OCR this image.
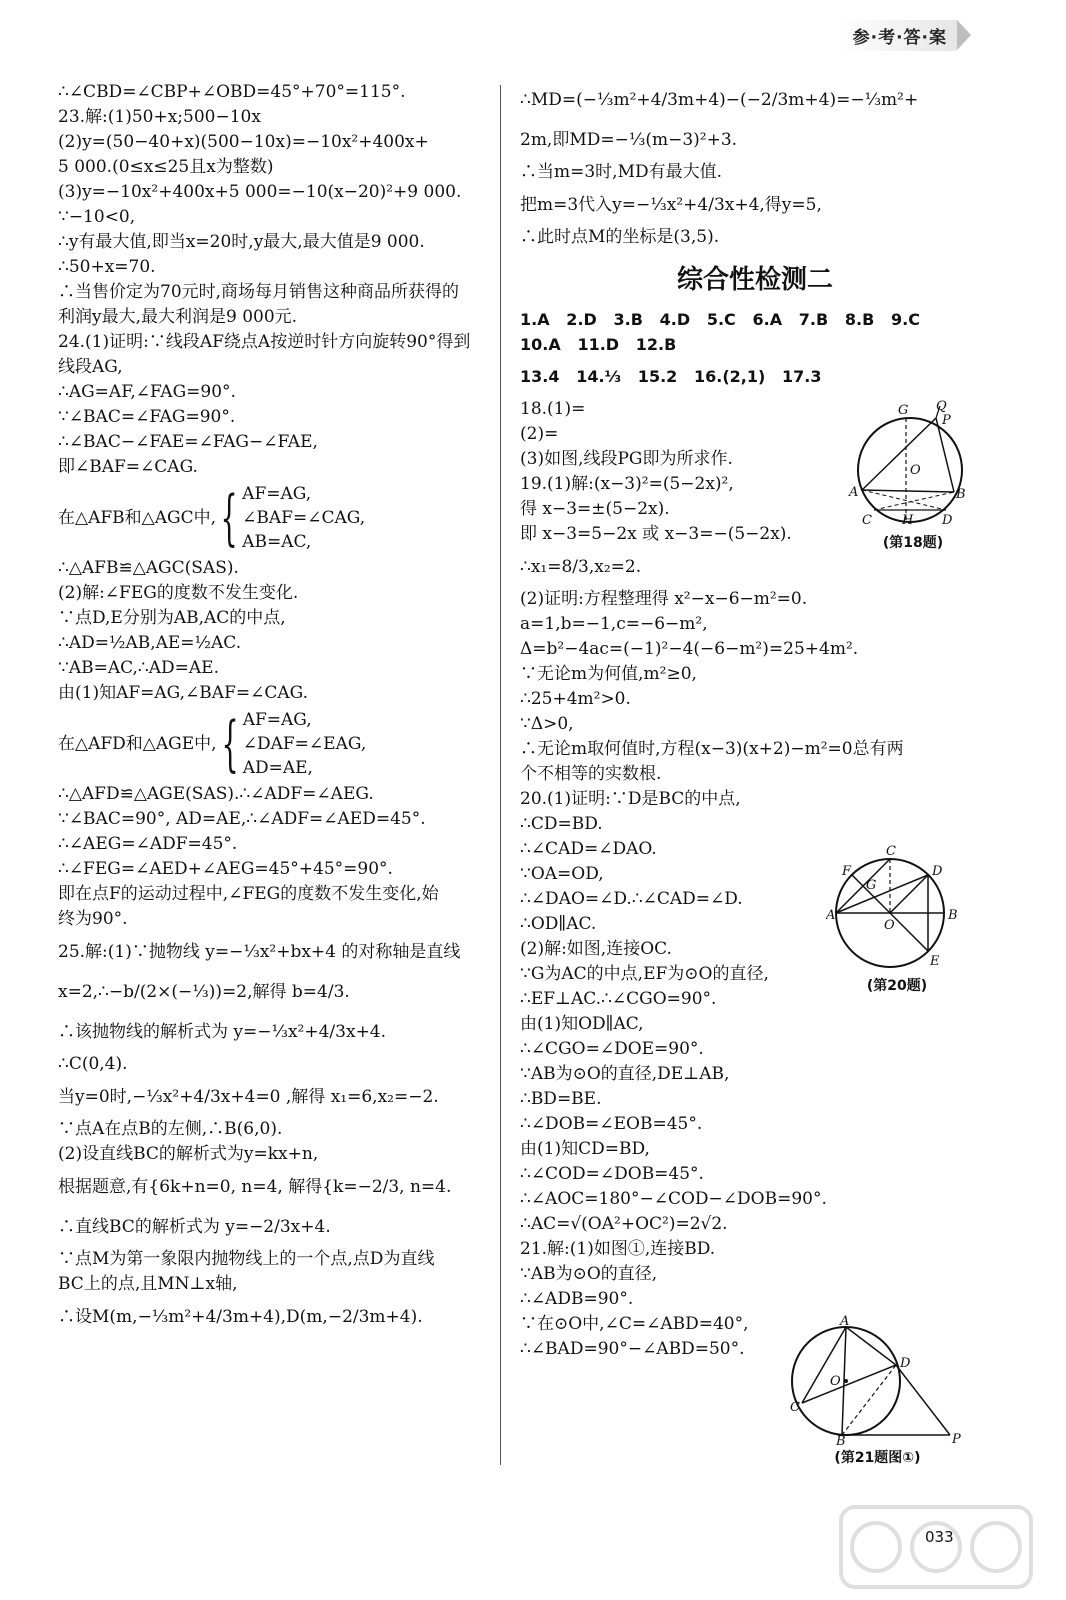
参·考·答·案
∴∠CBD=∠CBP+∠OBD=45°+70°=115°.
23.解:(1)50+x;500−10x
(2)y=(50−40+x)(500−10x)=−10x²+400x+
5 000.(0≤x≤25且x为整数)
(3)y=−10x²+400x+5 000=−10(x−20)²+9 000.
∵−10<0,
∴y有最大值,即当x=20时,y最大,最大值是9 000.
∴50+x=70.
∴当售价定为70元时,商场每月销售这种商品所获得的
利润y最大,最大利润是9 000元.
24.(1)证明:∵线段AF绕点A按逆时针方向旋转90°得到
线段AG,
∴AG=AF,∠FAG=90°.
∵∠BAC=∠FAG=90°.
∴∠BAC−∠FAE=∠FAG−∠FAE,
即∠BAF=∠CAG.
在△AFB和△AGC中, { AF=AG,
∠BAF=∠CAG,
AB=AC,
∴△AFB≌△AGC(SAS).
(2)解:∠FEG的度数不发生变化.
∵点D,E分别为AB,AC的中点,
∴AD=½AB,AE=½AC.
∵AB=AC,∴AD=AE.
由(1)知AF=AG,∠BAF=∠CAG.
在△AFD和△AGE中, { AF=AG,
∠DAF=∠EAG,
AD=AE,
∴△AFD≌△AGE(SAS).∴∠ADF=∠AEG.
∵∠BAC=90°, AD=AE,∴∠ADF=∠AED=45°.
∴∠AEG=∠ADF=45°.
∴∠FEG=∠AED+∠AEG=45°+45°=90°.
即在点F的运动过程中,∠FEG的度数不发生变化,始
终为90°.
25.解:(1)∵抛物线 y=−⅓x²+bx+4 的对称轴是直线
x=2,∴−b/(2×(−⅓))=2,解得 b=4/3.
∴该抛物线的解析式为 y=−⅓x²+4/3x+4.
∴C(0,4).
当y=0时,−⅓x²+4/3x+4=0 ,解得 x₁=6,x₂=−2.
∵点A在点B的左侧,∴B(6,0).
(2)设直线BC的解析式为y=kx+n,
根据题意,有{6k+n=0, n=4, 解得{k=−2/3, n=4.
∴直线BC的解析式为 y=−2/3x+4.
∵点M为第一象限内抛物线上的一个点,点D为直线
BC上的点,且MN⊥x轴,
∴设M(m,−⅓m²+4/3m+4),D(m,−2/3m+4).
∴MD=(−⅓m²+4/3m+4)−(−2/3m+4)=−⅓m²+
2m,即MD=−⅓(m−3)²+3.
∴当m=3时,MD有最大值.
把m=3代入y=−⅓x²+4/3x+4,得y=5,
∴此时点M的坐标是(3,5).
综合性检测二
1.A   2.D   3.B   4.D   5.C   6.A   7.B   8.B   9.C
10.A   11.D   12.B
13.4   14.⅓   15.2   16.(2,1)   17.3
18.(1)=
(2)=
(3)如图,线段PG即为所求作.
19.(1)解:(x−3)²=(5−2x)²,
得 x−3=±(5−2x).
即 x−3=5−2x 或 x−3=−(5−2x).
∴x₁=8/3,x₂=2.
(2)证明:方程整理得 x²−x−6−m²=0.
a=1,b=−1,c=−6−m²,
Δ=b²−4ac=(−1)²−4(−6−m²)=25+4m².
∵无论m为何值,m²≥0,
∴25+4m²>0.
∵Δ>0,
∴无论m取何值时,方程(x−3)(x+2)−m²=0总有两
个不相等的实数根.
20.(1)证明:∵D是BC的中点,
∴CD=BD.
∴∠CAD=∠DAO.
∵OA=OD,
∴∠DAO=∠D.∴∠CAD=∠D.
∴OD∥AC.
(2)解:如图,连接OC.
∵G为AC的中点,EF为⊙O的直径,
∴EF⊥AC.∴∠CGO=90°.
由(1)知OD∥AC,
∴∠CGO=∠DOE=90°.
∵AB为⊙O的直径,DE⊥AB,
∴BD=BE.
∴∠DOB=∠EOB=45°.
由(1)知CD=BD,
∴∠COD=∠DOB=45°.
∴∠AOC=180°−∠COD−∠DOB=90°.
∴AC=√(OA²+OC²)=2√2.
21.解:(1)如图①,连接BD.
∵AB为⊙O的直径,
∴∠ADB=90°.
∵在⊙O中,∠C=∠ABD=40°,
∴∠BAD=90°−∠ABD=50°.
G Q
P
O
A	B
C H D
(第18题)
C
F
G
D
A
O
B
E
(第20题)
A
O
D
C
B	P
(第21题图①)
033
